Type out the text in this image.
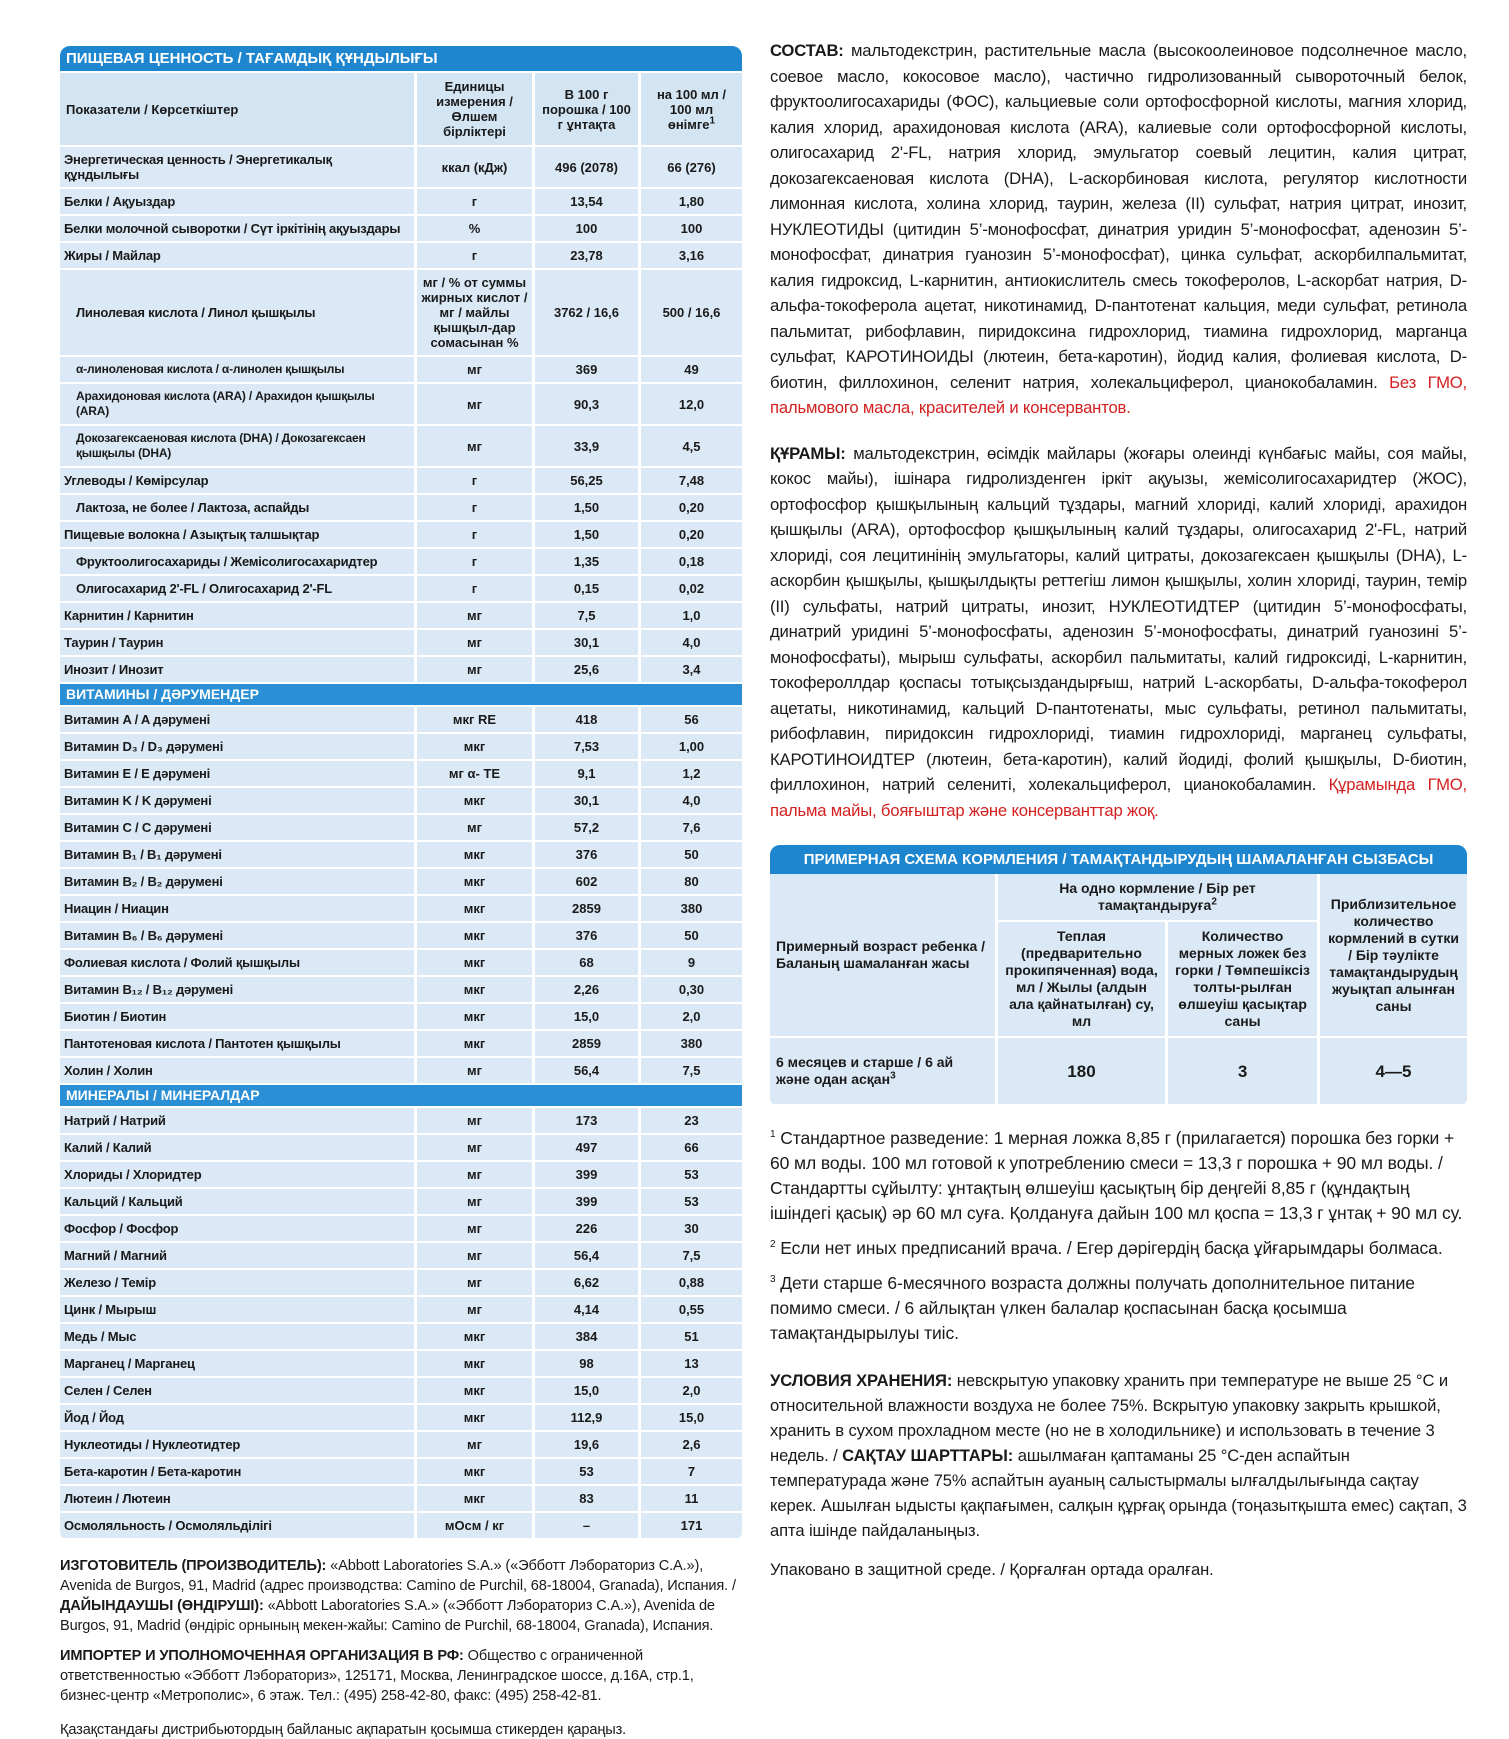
ПИЩЕВАЯ ЦЕННОСТЬ / ТАҒАМДЫҚ ҚҰНДЫЛЫҒЫ			
Показатели / Көрсеткіштер	Единицы измерения / Өлшем бірліктері	В 100 г порошка / 100 г ұнтақта	на 100 мл / 100 мл өнімге$^1$
Энергетическая ценность / Энергетикалық құндылығы	ккал (кДж)	496 (2078)	66 (276)
Белки / Ақуыздар	г	13,54	1,80
Белки молочной сыворотки / Сүт іркітінің ақуыздары	%	100	100
Жиры / Майлар	г	23,78	3,16
Линолевая кислота / Линол қышқылы	мг / % от суммы жирных кислот / мг / майлы қышқыл-дар сомасынан %	3762 / 16,6	500 / 16,6
α-линоленовая кислота / α-линолен қышқылы	мг	369	49
Арахидоновая кислота (ARA) / Арахидон қышқылы (ARA)	мг	90,3	12,0
Докозагексаеновая кислота (DHA) / Докозагексаен қышқылы (DHA)	мг	33,9	4,5
Углеводы / Көмірсулар	г	56,25	7,48
Лактоза, не более / Лактоза, аспайды	г	1,50	0,20
Пищевые волокна / Азықтық талшықтар	г	1,50	0,20
Фруктоолигосахариды / Жемісолигосахаридтер	г	1,35	0,18
Олигосахарид 2'-FL / Олигосахарид 2'-FL	г	0,15	0,02
Карнитин / Карнитин	мг	7,5	1,0
Таурин / Таурин	мг	30,1	4,0
Инозит / Инозит	мг	25,6	3,4
ВИТАМИНЫ / ДӘРУМЕНДЕР			
Витамин A / A дәрумені	мкг RE	418	56
Витамин D₃ / D₃ дәрумені	мкг	7,53	1,00
Витамин E / E дәрумені	мг α- TE	9,1	1,2
Витамин K / K дәрумені	мкг	30,1	4,0
Витамин C / C дәрумені	мг	57,2	7,6
Витамин B₁ / B₁ дәрумені	мкг	376	50
Витамин B₂ / B₂ дәрумені	мкг	602	80
Ниацин / Ниацин	мкг	2859	380
Витамин B₆ / B₆ дәрумені	мкг	376	50
Фолиевая кислота / Фолий қышқылы	мкг	68	9
Витамин B₁₂ / B₁₂ дәрумені	мкг	2,26	0,30
Биотин / Биотин	мкг	15,0	2,0
Пантотеновая кислота / Пантотен қышқылы	мкг	2859	380
Холин / Холин	мг	56,4	7,5
МИНЕРАЛЫ / МИНЕРАЛДАР			
Натрий / Натрий	мг	173	23
Калий / Калий	мг	497	66
Хлориды / Хлоридтер	мг	399	53
Кальций / Кальций	мг	399	53
Фосфор / Фосфор	мг	226	30
Магний / Магний	мг	56,4	7,5
Железо / Темір	мг	6,62	0,88
Цинк / Мырыш	мг	4,14	0,55
Медь / Мыс	мкг	384	51
Марганец / Марганец	мкг	98	13
Селен / Селен	мкг	15,0	2,0
Йод / Йод	мкг	112,9	15,0
Нуклеотиды / Нуклеотидтер	мг	19,6	2,6
Бета-каротин / Бета-каротин	мкг	53	7
Лютеин / Лютеин	мкг	83	11
Осмоляльность / Осмоляльділігі	мОсм / кг	–	171
ИЗГОТОВИТЕЛЬ (ПРОИЗВОДИТЕЛЬ): «Abbott Laboratories S.A.» («Эбботт Лэбораториз С.А.»), Avenida de Burgos, 91, Madrid (адрес производства: Camino de Purchil, 68-18004, Granada), Испания. / ДАЙЫНДАУШЫ (ӨНДІРУШІ): «Abbott Laboratories S.A.» («Эбботт Лэбораториз С.А.»), Avenida de Burgos, 91, Madrid (өндіріс орнының мекен-жайы: Camino de Purchil, 68-18004, Granada), Испания.
ИМПОРТЕР И УПОЛНОМОЧЕННАЯ ОРГАНИЗАЦИЯ В РФ: Общество с ограниченной ответственностью «Эбботт Лэбораториз», 125171, Москва, Ленинградское шоссе, д.16А, стр.1, бизнес-центр «Метрополис», 6 этаж. Тел.: (495) 258-42-80, факс: (495) 258-42-81.
Қазақстандағы дистрибьютордың байланыс ақпаратын қосымша стикерден қараңыз.
СОСТАВ: мальтодекстрин, растительные масла (высокоолеиновое подсолнечное масло, соевое масло, кокосовое масло), частично гидролизованный сывороточный белок, фруктоолигосахариды (ФОС), кальциевые соли ортофосфорной кислоты, магния хлорид, калия хлорид, арахидоновая кислота (ARA), калиевые соли ортофосфорной кислоты, олигосахарид 2'-FL, натрия хлорид, эмульгатор соевый лецитин, калия цитрат, докозагексаеновая кислота (DHA), L-аскорбиновая кислота, регулятор кислотности лимонная кислота, холина хлорид, таурин, железа (II) сульфат, натрия цитрат, инозит, НУКЛЕОТИДЫ (цитидин 5’-монофосфат, динатрия уридин 5’-монофосфат, аденозин 5’-монофосфат, динатрия гуанозин 5’-монофосфат), цинка сульфат, аскорбилпальмитат, калия гидроксид, L-карнитин, антиокислитель смесь токоферолов, L-аскорбат натрия, D-альфа-токоферола ацетат, никотинамид, D-пантотенат кальция, меди сульфат, ретинола пальмитат, рибофлавин, пиридоксина гидрохлорид, тиамина гидрохлорид, марганца сульфат, КАРОТИНОИДЫ (лютеин, бета-каротин), йодид калия, фолиевая кислота, D-биотин, филлохинон, селенит натрия, холекальциферол, цианокобаламин. Без ГМО, пальмового масла, красителей и консервантов.
ҚҰРАМЫ: мальтодекстрин, өсімдік майлары (жоғары олеинді күнбағыс майы, соя майы, кокос майы), ішінара гидролизденген іркіт ақуызы, жемісолигосахаридтер (ЖОС), ортофосфор қышқылының кальций тұздары, магний хлориді, калий хлориді, арахидон қышқылы (ARA), ортофосфор қышқылының калий тұздары, олигосахарид 2'-FL, натрий хлориді, соя лецитинінің эмульгаторы, калий цитраты, докозагексаен қышқылы (DHA), L-аскорбин қышқылы, қышқылдықты реттегіш лимон қышқылы, холин хлориді, таурин, темір (II) сульфаты, натрий цитраты, инозит, НУКЛЕОТИДТЕР (цитидин 5’-монофосфаты, динатрий уридині 5’-монофосфаты, аденозин 5’-монофосфаты, динатрий гуанозині 5’-монофосфаты), мырыш сульфаты, аскорбил пальмитаты, калий гидроксиді, L-карнитин, токофероллдар қоспасы тотықсыздандырғыш, натрий L-аскорбаты, D-альфа-токоферол ацетаты, никотинамид, кальций D-пантотенаты, мыс сульфаты, ретинол пальмитаты, рибофлавин, пиридоксин гидрохлориді, тиамин гидрохлориді, марганец сульфаты, КАРОТИНОИДТЕР (лютеин, бета-каротин), калий йодиді, фолий қышқылы, D-биотин, филлохинон, натрий селениті, холекальциферол, цианокобаламин. Құрамында ГМО, пальма майы, бояғыштар және консерванттар жоқ.
ПРИМЕРНАЯ СХЕМА КОРМЛЕНИЯ / ТАМАҚТАНДЫРУДЫҢ ШАМАЛАНҒАН СЫЗБАСЫ			
Примерный возраст ребенка / Баланың шамаланған жасы	На одно кормление / Бір рет тамақтандыруға$^2$		Приблизительное количество кормлений в сутки / Бір тәулікте тамақтандырудың жуықтап алынған саны
	Теплая (предварительно прокипяченная) вода, мл / Жылы (алдын ала қайнатылған) су, мл	Количество мерных ложек без горки / Төмпешіксіз толты-рылған өлшеуіш қасықтар саны	
6 месяцев и старше / 6 ай және одан асқан$^3$	180	3	4—5
$^1$ Стандартное разведение: 1 мерная ложка 8,85 г (прилагается) порошка без горки + 60 мл воды. 100 мл готовой к употреблению смеси = 13,3 г порошка + 90 мл воды. / Стандартты сұйылту: ұнтақтың өлшеуіш қасықтың бір деңгейі 8,85 г (құндақтың ішіндегі қасық) әр 60 мл суға. Қолдануға дайын 100 мл қоспа = 13,3 г ұнтақ + 90 мл су.
$^2$ Если нет иных предписаний врача. / Егер дәрігердің басқа ұйғарымдары болмаса.
$^3$ Дети старше 6-месячного возраста должны получать дополнительное питание помимо смеси. / 6 айлықтан үлкен балалар қоспасынан басқа қосымша тамақтандырылуы тиіс.
УСЛОВИЯ ХРАНЕНИЯ: невскрытую упаковку хранить при температуре не выше 25 °C и относительной влажности воздуха не более 75%. Вскрытую упаковку закрыть крышкой, хранить в сухом прохладном месте (но не в холодильнике) и использовать в течение 3 недель. / САҚТАУ ШАРТТАРЫ: ашылмаған қаптаманы 25 °С-ден аспайтын температурада және 75% аспайтын ауаның салыстырмалы ылғалдылығында сақтау керек. Ашылған ыдысты қақпағымен, салқын құрғақ орында (тоңазытқышта емес) сақтап, 3 апта ішінде пайдаланыңыз.
Упаковано в защитной среде. / Қорғалған ортада оралған.
